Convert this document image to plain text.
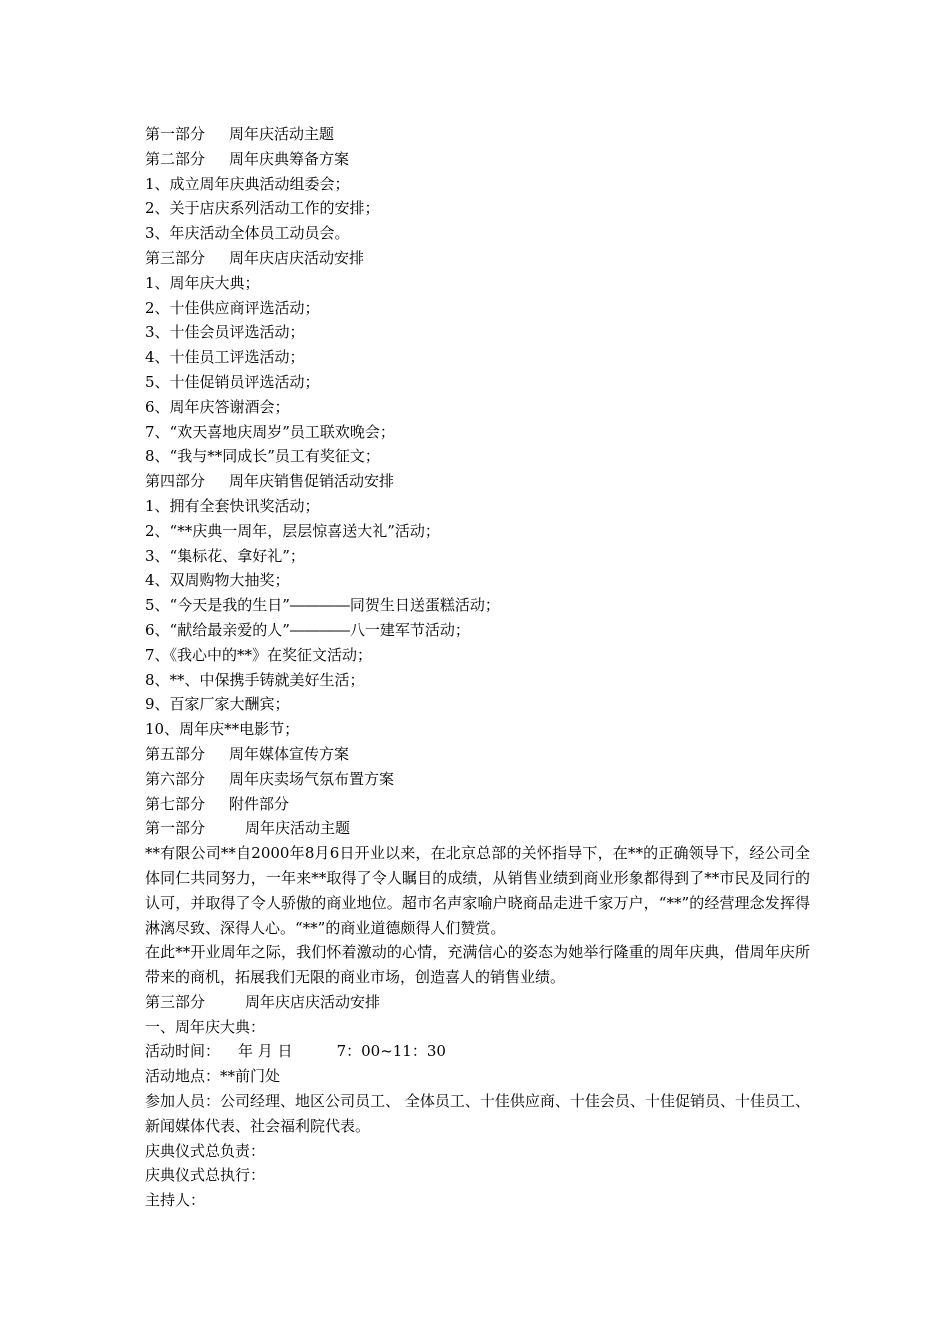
第一部分 周年庆活动主题
第二部分 周年庆典筹备方案
1、成立周年庆典活动组委会；
2、关于店庆系列活动工作的安排；
3、年庆活动全体员工动员会。
第三部分 周年庆店庆活动安排
1、周年庆大典；
2、十佳供应商评选活动；
3、十佳会员评选活动；
4、十佳员工评选活动；
5、十佳促销员评选活动；
6、周年庆答谢酒会；
7、“欢天喜地庆周岁”员工联欢晚会；
8、“我与**同成长”员工有奖征文；
第四部分 周年庆销售促销活动安排
1、拥有全套快讯奖活动；
2、“**庆典一周年，层层惊喜送大礼”活动；
3、“集标花、拿好礼”；
4、双周购物大抽奖；
5、“今天是我的生日”――――同贺生日送蛋糕活动；
6、“献给最亲爱的人”――――八一建军节活动；
7、《我心中的**》在奖征文活动；
8、**、中保携手铸就美好生活；
9、百家厂家大酬宾；
10、周年庆**电影节；
第五部分 周年媒体宣传方案
第六部分 周年庆卖场气氛布置方案
第七部分 附件部分
第一部分	周年庆活动主题
**有限公司**自2000年8月6日开业以来，在北京总部的关怀指导下，在**的正确领导下，经公司全体同仁共同努力，一年来**取得了令人瞩目的成绩，从销售业绩到商业形象都得到了**市民及同行的认可，并取得了令人骄傲的商业地位。超市名声家喻户晓商品走进千家万户，“**”的经营理念发挥得淋漓尽致、深得人心。“**”的商业道德颇得人们赞赏。
在此**开业周年之际，我们怀着激动的心情，充满信心的姿态为她举行隆重的周年庆典，借周年庆所带来的商机，拓展我们无限的商业市场，创造喜人的销售业绩。
第三部分	周年庆店庆活动安排
一、周年庆大典：
活动时间： 年 月 日	7：00~11：30
活动地点：**前门处
参加人员：公司经理、地区公司员工、 全体员工、十佳供应商、十佳会员、十佳促销员、十佳员工、新闻媒体代表、社会福利院代表。
庆典仪式总负责：
庆典仪式总执行：
主持人：
